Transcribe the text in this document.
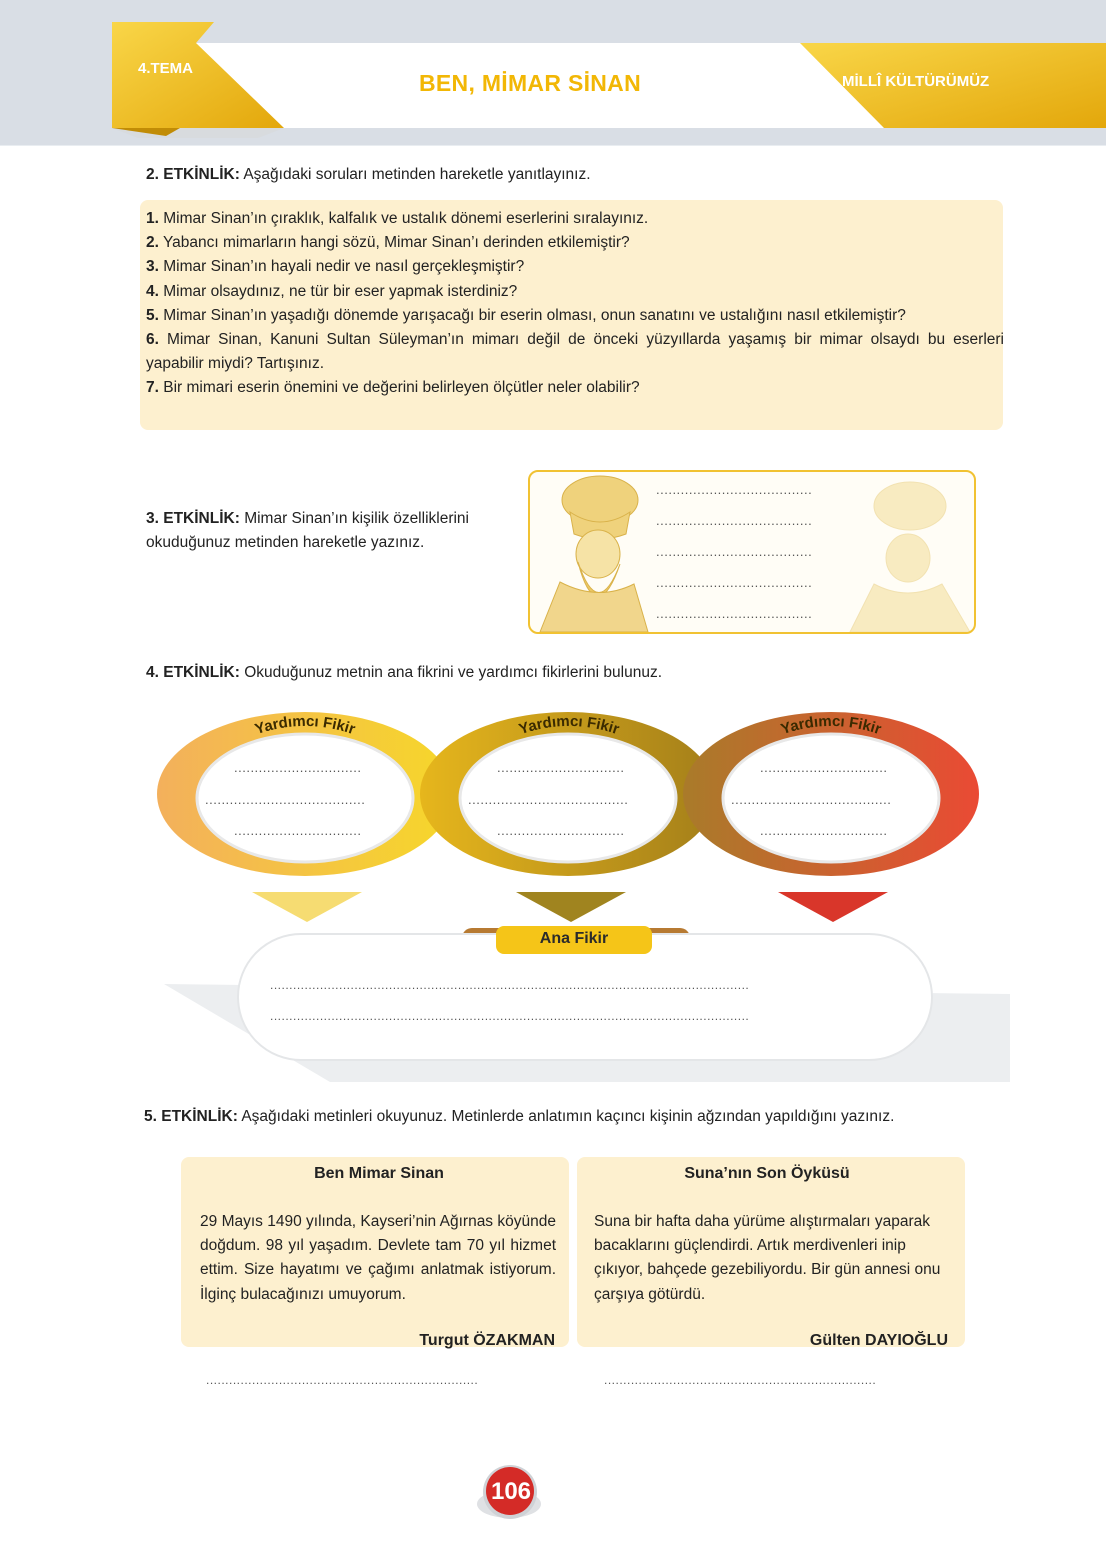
4.TEMA
BEN, MİMAR SİNAN	MİLLÎ KÜLTÜRÜMÜZ
2. ETKİNLİK: Aşağıdaki soruları metinden hareketle yanıtlayınız.

1. Mimar Sinan’ın çıraklık, kalfalık ve ustalık dönemi eserlerini sıralayınız.

2. Yabancı mimarların hangi sözü, Mimar Sinan’ı derinden etkilemiştir?

3. Mimar Sinan’ın hayali nedir ve nasıl gerçekleşmiştir?

4. Mimar olsaydınız, ne tür bir eser yapmak isterdiniz?

5. Mimar Sinan’ın yaşadığı dönemde yarışacağı bir eserin olması, onun sanatını ve ustalığını nasıl etkilemiştir?

6. Mimar Sinan, Kanuni Sultan Süleyman’ın mimarı değil de önceki yüzyıllarda yaşamış bir mimar olsaydı bu eserleri yapabilir miydi? Tartışınız.

7. Bir mimari eserin önemini ve değerini belirleyen ölçütler neler olabilir?

3. ETKİNLİK: Mimar Sinan’ın kişilik özelliklerini okuduğunuz metinden hareketle yazınız.
......................................
......................................
......................................
......................................
......................................
4. ETKİNLİK: Okuduğunuz metnin ana fikrini ve yardımcı fikirlerini bulunuz.
Yardımcı Fikir	Yardımcı Fikir	Yardımcı Fikir
...............................
.......................................
...............................
...............................
.......................................
...............................
...............................
.......................................
...............................
Ana Fikir
.............................................................................................................................
.............................................................................................................................
5. ETKİNLİK: Aşağıdaki metinleri okuyunuz. Metinlerde anlatımın kaçıncı kişinin ağzından yapıldığını yazınız.
Ben Mimar Sinan
29 Mayıs 1490 yılında, Kayseri’nin Ağırnas köyünde doğdum. 98 yıl yaşadım. Devlete tam 70 yıl hizmet ettim. Size hayatımı ve çağımı anlatmak istiyorum. İlginç bulacağınızı umuyorum.
Turgut ÖZAKMAN
.......................................................................
Suna’nın Son Öyküsü
Suna bir hafta daha yürüme alıştırmaları yaparak bacaklarını güçlendirdi. Artık merdivenleri inip çıkıyor, bahçede gezebiliyordu. Bir gün annesi onu çarşıya götürdü.
Gülten DAYIOĞLU
.......................................................................
106
